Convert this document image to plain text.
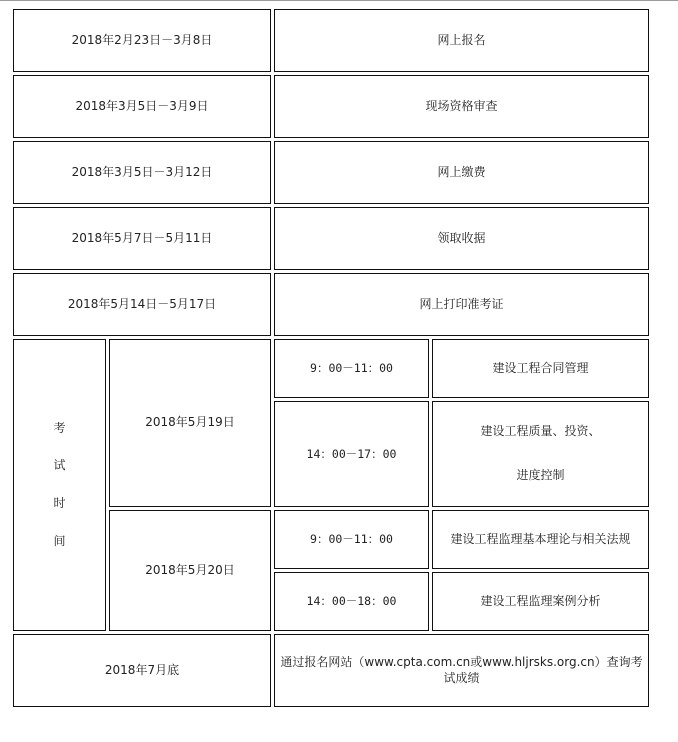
2018年2月23日－3月8日		网上报名	
2018年3月5日－3月9日		现场资格审查	
2018年3月5日－3月12日		网上缴费	
2018年5月7日－5月11日		领取收据	
2018年5月14日－5月17日		网上打印准考证	

考
试
时
间	2018年5月19日	9：00－11：00	建设工程合同管理
		14：00－17：00	建设工程质量、投资、
进度控制

	2018年5月20日	9：00－11：00	建设工程监理基本理论与相关法规
		14：00－18：00	建设工程监理案例分析
2018年7月底		通过报名网站（www.cpta.com.cn或www.hljrsks.org.cn）查询考试成绩	
